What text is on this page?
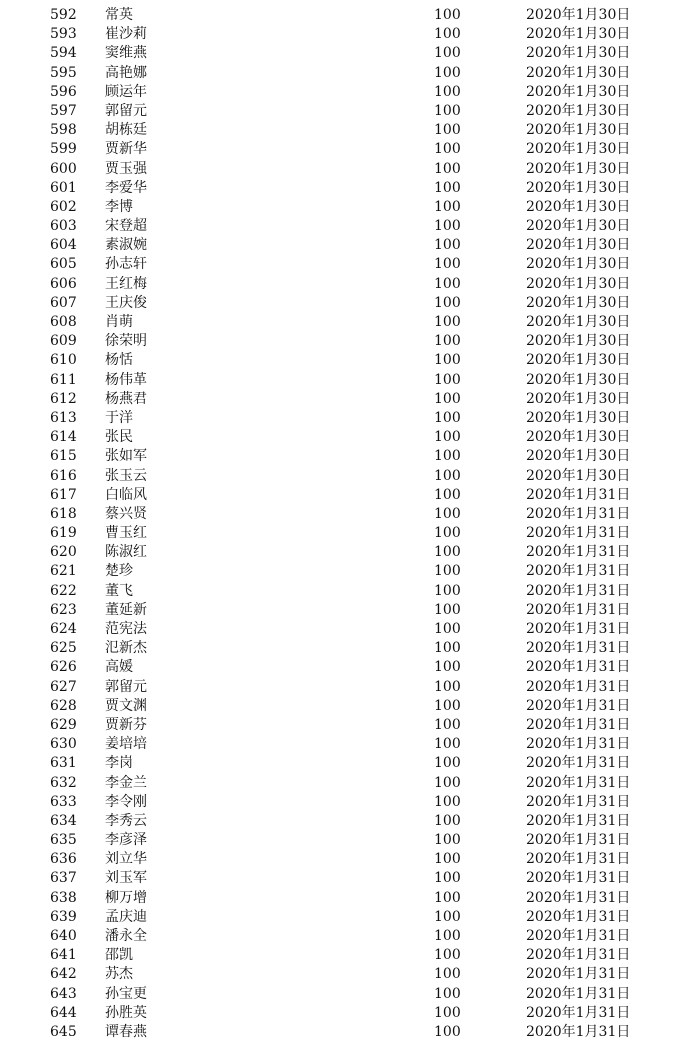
592 常英	100	2020年1月30日
593 崔沙莉	100	2020年1月30日
594 窦维燕	100	2020年1月30日
595 高艳娜	100	2020年1月30日
596 顾运年	100	2020年1月30日
597 郭留元	100	2020年1月30日
598 胡栋廷	100	2020年1月30日
599 贾新华	100	2020年1月30日
600 贾玉强	100	2020年1月30日
601 李爱华	100	2020年1月30日
602 李博	100	2020年1月30日
603 宋登超	100	2020年1月30日
604 素淑婉	100	2020年1月30日
605 孙志轩	100	2020年1月30日
606 王红梅	100	2020年1月30日
607 王庆俊	100	2020年1月30日
608 肖萌	100	2020年1月30日
609 徐荣明	100	2020年1月30日
610 杨恬	100	2020年1月30日
611 杨伟革	100	2020年1月30日
612 杨燕君	100	2020年1月30日
613 于洋	100	2020年1月30日
614 张民	100	2020年1月30日
615 张如军	100	2020年1月30日
616 张玉云	100	2020年1月30日
617 白临风	100	2020年1月31日
618 蔡兴贤	100	2020年1月31日
619 曹玉红	100	2020年1月31日
620 陈淑红	100	2020年1月31日
621 楚珍	100	2020年1月31日
622 董飞	100	2020年1月31日
623 董延新	100	2020年1月31日
624 范宪法	100	2020年1月31日
625 氾新杰	100	2020年1月31日
626 高媛	100	2020年1月31日
627 郭留元	100	2020年1月31日
628 贾文渊	100	2020年1月31日
629 贾新芬	100	2020年1月31日
630 姜培培	100	2020年1月31日
631 李岗	100	2020年1月31日
632 李金兰	100	2020年1月31日
633 李令刚	100	2020年1月31日
634 李秀云	100	2020年1月31日
635 李彦泽	100	2020年1月31日
636 刘立华	100	2020年1月31日
637 刘玉军	100	2020年1月31日
638 柳万增	100	2020年1月31日
639 孟庆迪	100	2020年1月31日
640 潘永全	100	2020年1月31日
641 邵凯	100	2020年1月31日
642 苏杰	100	2020年1月31日
643 孙宝更	100	2020年1月31日
644 孙胜英	100	2020年1月31日
645 谭春燕	100	2020年1月31日
